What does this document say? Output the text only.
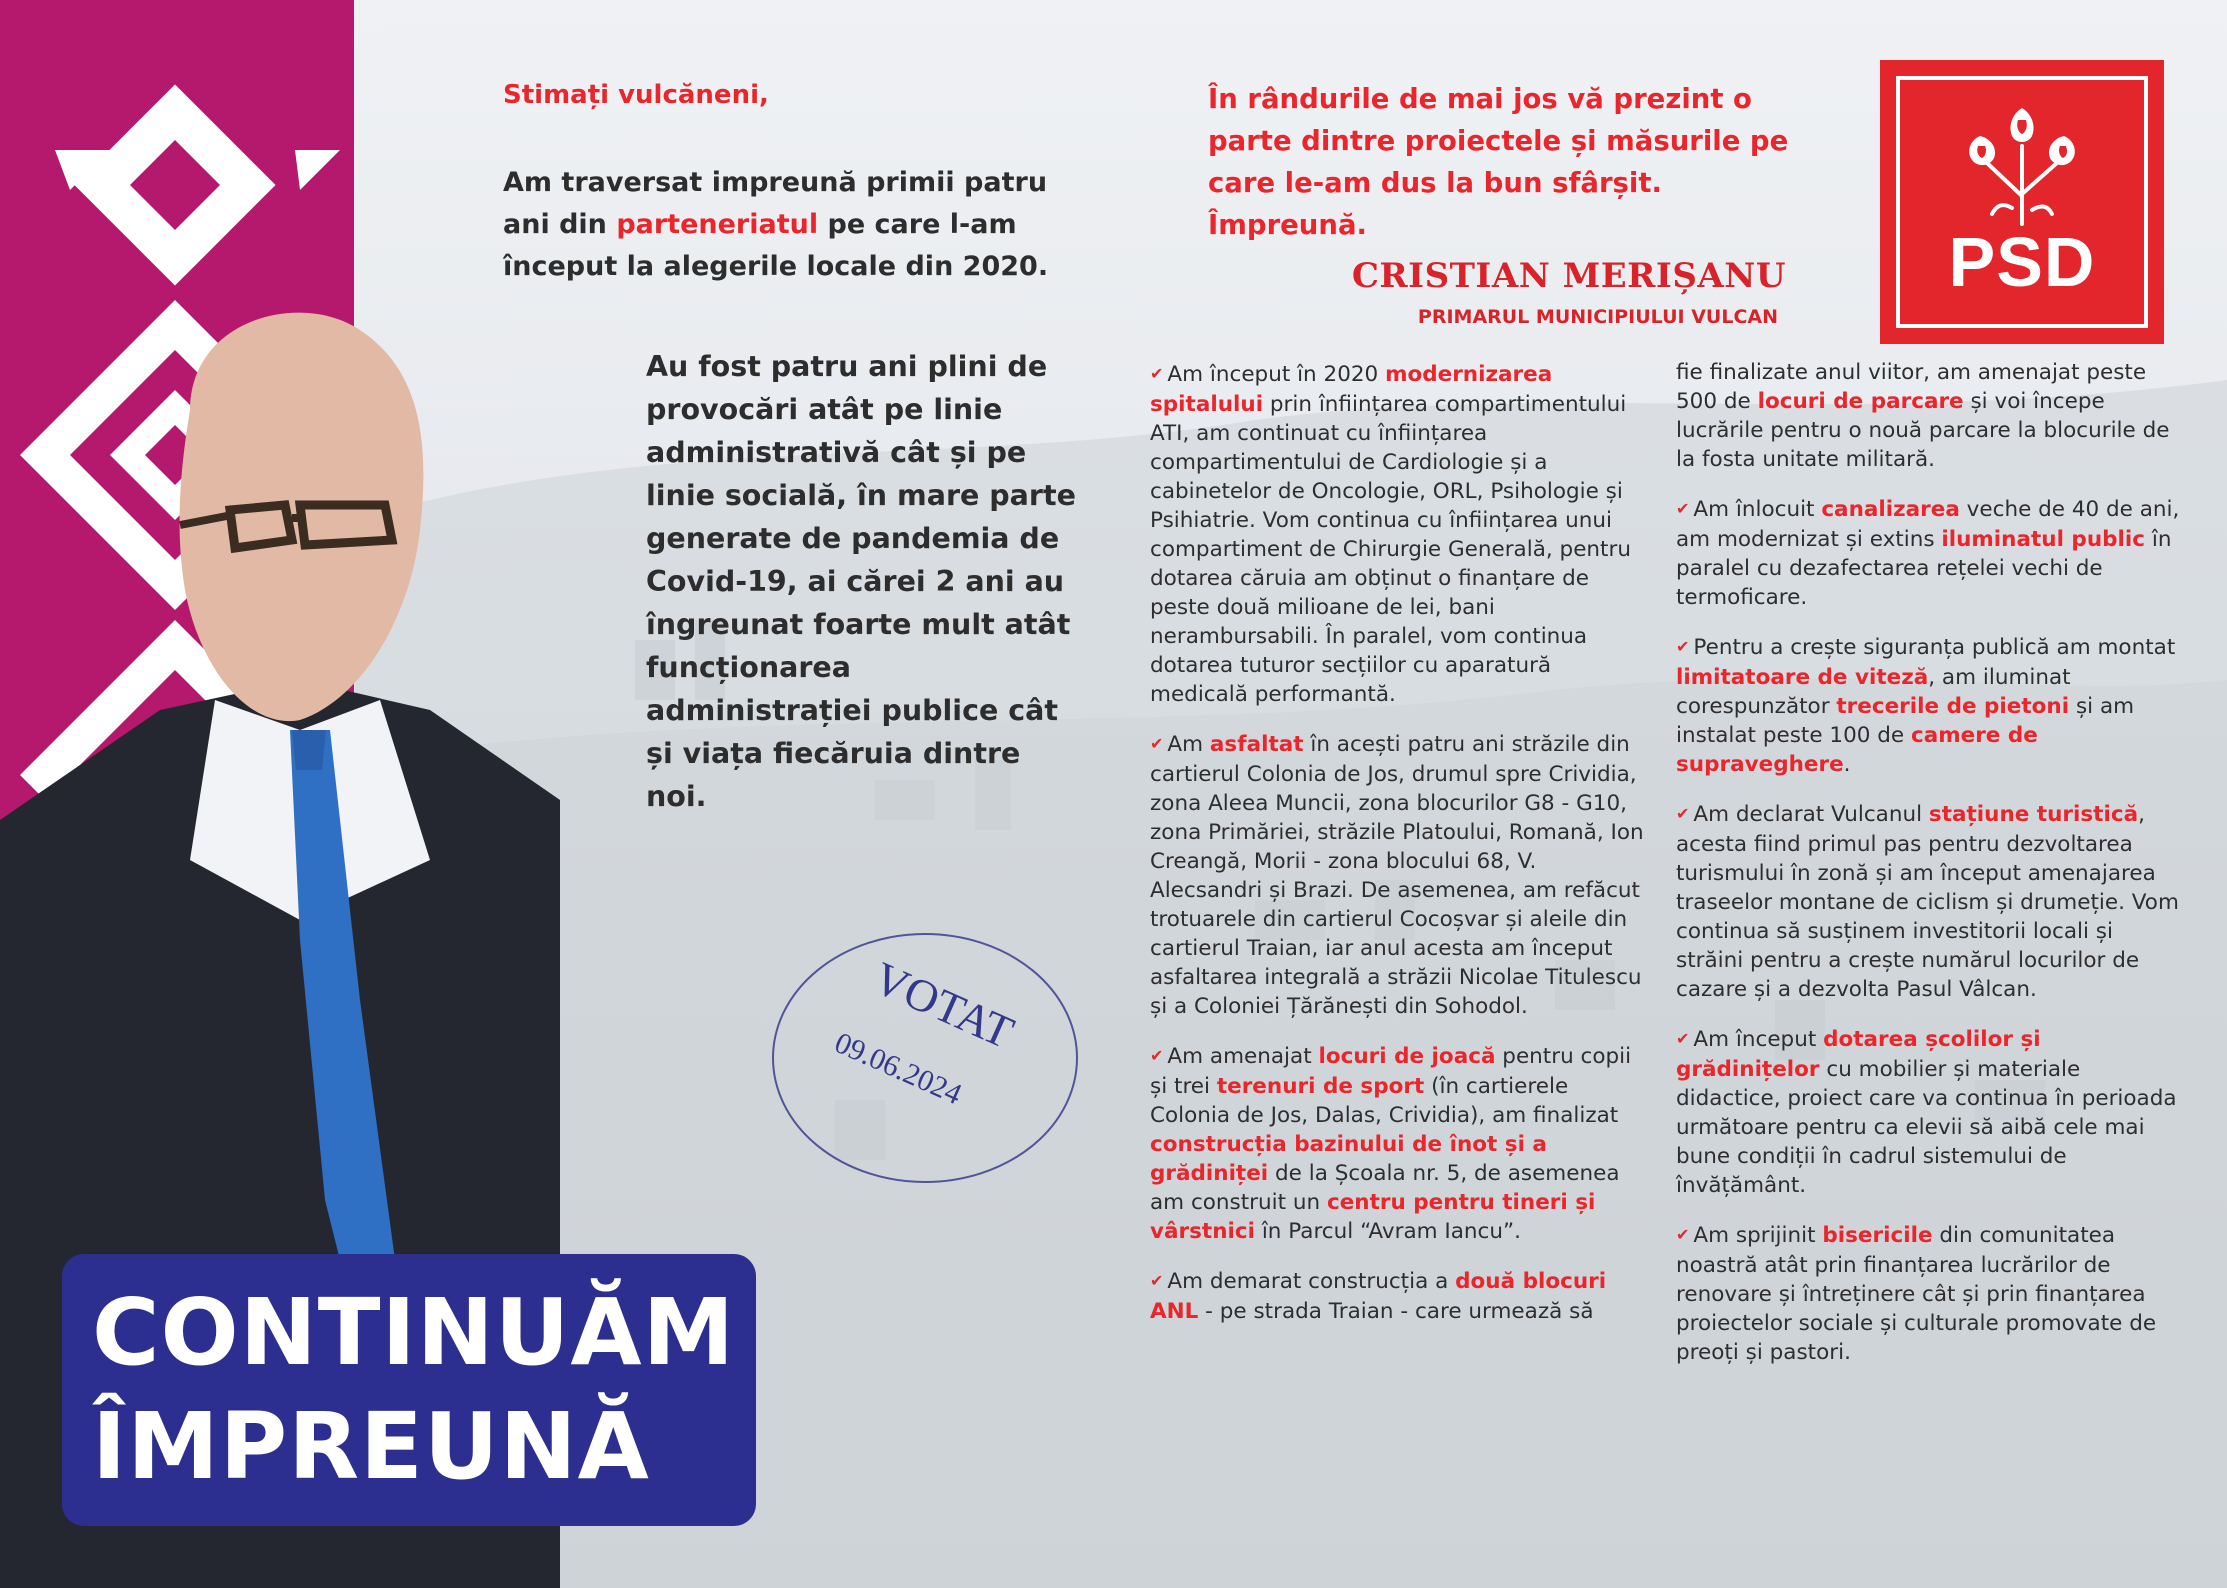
CONTINUĂM
ÎMPREUNĂ
Stimați vulcăneni,

Am traversat impreună primii patru ani din parteneriatul pe care l-am început la alegerile locale din 2020.

Au fost patru ani plini de provocări atât pe linie administrativă cât și pe linie socială, în mare parte generate de pandemia de Covid-19, ai cărei 2 ani au îngreunat foarte mult atât funcționarea administrației publice cât și viața fiecăruia dintre noi.

VOTAT
09.06.2024

În rândurile de mai jos vă prezint o parte dintre proiectele și măsurile pe care le-am dus la bun sfârșit. Împreună.

CRISTIAN MERIȘANU
PRIMARUL MUNICIPIULUI VULCAN
PSD

✔ Am început în 2020 modernizarea spitalului prin înființarea compartimentului ATI, am continuat cu înființarea compartimentului de Cardiologie și a cabinetelor de Oncologie, ORL, Psihologie și Psihiatrie. Vom continua cu înființarea unui compartiment de Chirurgie Generală, pentru dotarea căruia am obținut o finanțare de peste două milioane de lei, bani nerambursabili. În paralel, vom continua dotarea tuturor secțiilor cu aparatură medicală performantă.

✔ Am asfaltat în acești patru ani străzile din cartierul Colonia de Jos, drumul spre Crividia, zona Aleea Muncii, zona blocurilor G8 - G10, zona Primăriei, străzile Platoului, Romană, Ion Creangă, Morii - zona blocului 68, V. Alecsandri și Brazi. De asemenea, am refăcut trotuarele din cartierul Cocoșvar și aleile din cartierul Traian, iar anul acesta am început asfaltarea integrală a străzii Nicolae Titulescu și a Coloniei Țărănești din Sohodol.

✔ Am amenajat locuri de joacă pentru copii și trei terenuri de sport (în cartierele Colonia de Jos, Dalas, Crividia), am finalizat construcția bazinului de înot și a grădiniței de la Școala nr. 5, de asemenea am construit un centru pentru tineri și vârstnici în Parcul “Avram Iancu”.

✔ Am demarat construcția a două blocuri ANL - pe strada Traian - care urmează să

fie finalizate anul viitor, am amenajat peste 500 de locuri de parcare și voi începe lucrările pentru o nouă parcare la blocurile de la fosta unitate militară.

✔ Am înlocuit canalizarea veche de 40 de ani, am modernizat și extins iluminatul public în paralel cu dezafectarea rețelei vechi de termoficare.

✔ Pentru a crește siguranța publică am montat limitatoare de viteză, am iluminat corespunzător trecerile de pietoni și am instalat peste 100 de camere de supraveghere.

✔ Am declarat Vulcanul stațiune turistică, acesta fiind primul pas pentru dezvoltarea turismului în zonă și am început amenajarea traseelor montane de ciclism și drumeție. Vom continua să susținem investitorii locali și străini pentru a crește numărul locurilor de cazare și a dezvolta Pasul Vâlcan.

✔ Am început dotarea școlilor și grădinițelor cu mobilier și materiale didactice, proiect care va continua în perioada următoare pentru ca elevii să aibă cele mai bune condiții în cadrul sistemului de învățământ.

✔ Am sprijinit bisericile din comunitatea noastră atât prin finanțarea lucrărilor de renovare și întreținere cât și prin finanțarea proiectelor sociale și culturale promovate de preoți și pastori.
